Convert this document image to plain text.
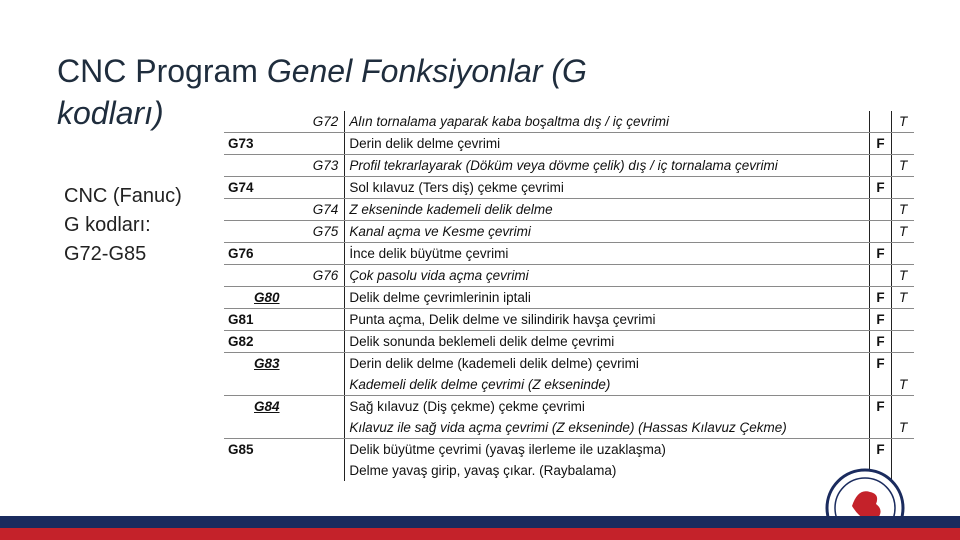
CNC Program Genel Fonksiyonlar (G kodları)
CNC (Fanuc)
G kodları:
G72-G85
G72	Alın tornalama yaparak kaba boşaltma dış / iç çevrimi		T
G73	Derin delik delme çevrimi	F	
G73	Profil tekrarlayarak (Döküm veya dövme çelik) dış / iç tornalama çevrimi		T
G74	Sol kılavuz (Ters diş) çekme çevrimi	F	
G74	Z ekseninde kademeli delik delme		T
G75	Kanal açma ve Kesme çevrimi		T
G76	İnce delik büyütme çevrimi	F	
G76	Çok pasolu vida açma çevrimi		T
G80	Delik delme çevrimlerinin iptali	F	T
G81	Punta açma, Delik delme ve silindirik havşa çevrimi	F	
G82	Delik sonunda beklemeli delik delme çevrimi	F	
G83	Derin delik delme (kademeli delik delme) çevrimi	F	
	Kademeli delik delme çevrimi (Z ekseninde)		T
G84	Sağ kılavuz (Diş çekme) çekme çevrimi	F	
	Kılavuz ile sağ vida açma çevrimi (Z ekseninde) (Hassas Kılavuz Çekme)		T
G85	Delik büyütme çevrimi (yavaş ilerleme ile uzaklaşma)	F	
	Delme yavaş girip, yavaş çıkar. (Raybalama)		
